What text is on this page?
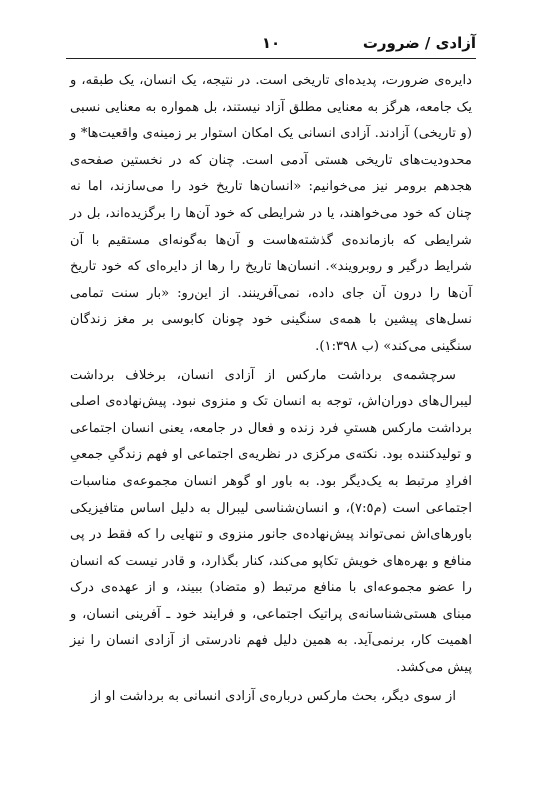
آزادی / ضرورت
١٠

دایره‌ی ضرورت، پدیده‌ای تاریخی است. در نتیجه، یک انسان، یک طبقه، و یک جامعه، هرگز به معنایی مطلق آزاد نیستند، بل همواره به معنایی نسبی (و تاریخی) آزادند. آزادی انسانی یک امکان استوار بر زمینه‌ی واقعیت‌ها* و محدودیت‌های تاریخی هستی آدمی است. چنان که در نخستین صفحه‌ی هجدهم برومر نیز می‌خوانیم: «انسان‌ها تاریخ خود را می‌سازند، اما نه چنان که خود می‌خواهند، یا در شرایطی که خود آن‌ها را برگزیده‌اند، بل در شرایطی که بازمانده‌ی گذشته‌هاست و آن‌ها به‌گونه‌ای مستقیم با آن شرایط درگیر و روبرویند». انسان‌ها تاریخ را رها از دایره‌ای که خود تاریخ آن‌ها را درون آن جای داده، نمی‌آفرینند. از این‌رو: «بار سنت تمامی نسل‌های پیشین با همه‌ی سنگینی خود چونان کابوسی بر مغز زندگان سنگینی می‌کند» (ب ١:٣٩٨).

سرچشمه‌ی برداشت مارکس از آزادی انسان، برخلاف برداشت لیبرال‌های دوران‌اش، توجه به انسان تک و منزوی نبود. پیش‌نهاده‌ی اصلی برداشت مارکس هستیِ فرد زنده و فعال در جامعه، یعنی انسان اجتماعی و تولیدکننده بود. نکته‌ی مرکزی در نظریه‌ی اجتماعی او فهم زندگیِ جمعیِ افرادِ مرتبط به یک‌دیگر بود. به باور او گوهر انسان مجموعه‌ی مناسبات اجتماعی است (م٧:٥)، و انسان‌شناسی لیبرال به دلیل اساس متافیزیکی باورهای‌اش نمی‌تواند پیش‌نهاده‌ی جانور منزوی و تنهایی را که فقط در پی منافع و بهره‌های خویش تکاپو می‌کند، کنار بگذارد، و قادر نیست که انسان را عضو مجموعه‌ای با منافع مرتبط (و متضاد) ببیند، و از عهده‌ی درک مبنای هستی‌شناسانه‌ی پراتیک اجتماعی، و فرایند خود ـ آفرینی انسان، و اهمیت کار، برنمی‌آید. به همین دلیل فهم نادرستی از آزادی انسان را نیز پیش می‌کشد.

از سوی دیگر، بحث مارکس درباره‌ی آزادی انسانی به برداشت او از
